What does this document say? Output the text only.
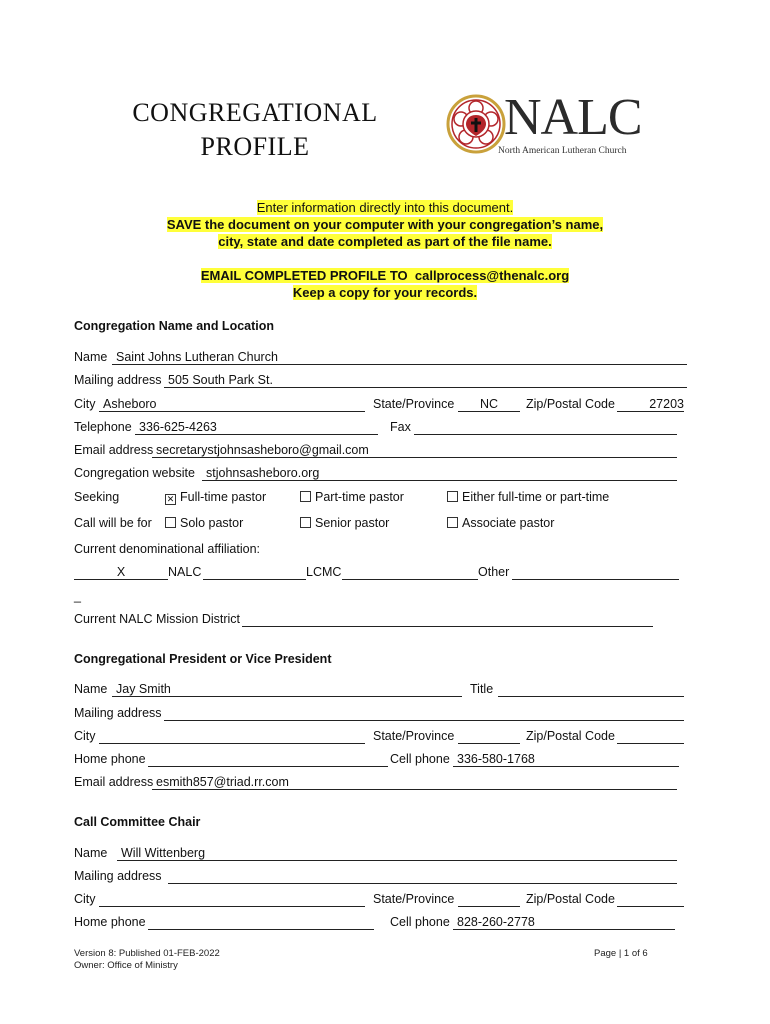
CONGREGATIONAL
PROFILE
NALC
North American Lutheran Church
Enter information directly into this document.
SAVE the document on your computer with your congregation’s name,
city, state and date completed as part of the file name.
EMAIL COMPLETED PROFILE TO callprocess@thenalc.org
Keep a copy for your records.
Congregation Name and Location
Name Saint Johns Lutheran Church
Mailing address 505 South Park St.
City Asheboro	State/Province	NC	Zip/Postal Code	27203
Telephone 336-625-4263	Fax
Email address secretarystjohnsasheboro@gmail.com
Congregation website stjohnsasheboro.org
Seeking	✕ Full-time pastor	Part-time pastor	Either full-time or part-time
Call will be for	Solo pastor	Senior pastor	Associate pastor
Current denominational affiliation:
X	NALC	LCMC	Other
_
Current NALC Mission District
Congregational President or Vice President
Name Jay Smith	Title
Mailing address
City	State/Province	Zip/Postal Code
Home phone	Cell phone 336-580-1768
Email address esmith857@triad.rr.com
Call Committee Chair
Name	Will Wittenberg
Mailing address
City	State/Province	Zip/Postal Code
Home phone	Cell phone 828-260-2778
Version 8: Published 01-FEB-2022
Owner: Office of Ministry
Page | 1 of 6
